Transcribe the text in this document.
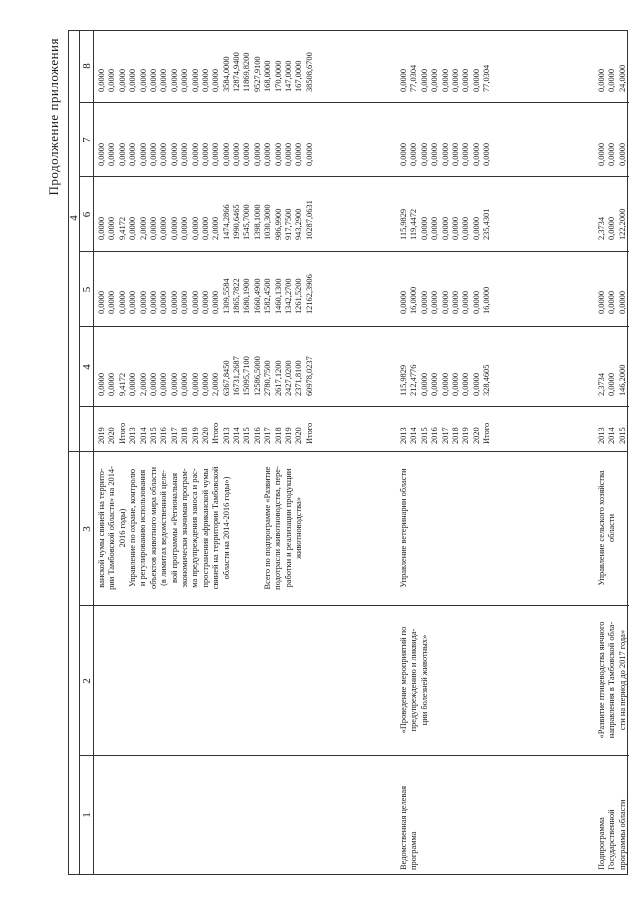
Продолжение приложения
4
1
2
3
4
5
6
7
8
ванской чумы свиней на террито-
рии Тамбовской области» на 2014-
2016 годы)
Управление по охране, контролю
и регулированию использования
объектов животного мира области
(в лимитах ведомственной целе-
вой программы «Региональная
экономически значимая програм-
ма предупреждения заноса и рас-
пространения африканской чумы
свиней на территории Тамбовской
области на 2014-2016 годы»)
Всего по подпрограмме «Развитие
подотрасли животноводства, пере-
работки и реализации продукции
животноводства»
2019 2020 Итого 2013 2014 2015 2016 2017 2018 2019 2020 Итого 2013 2014 2015 2016 2017 2018 2019 2020 Итого
0,0000 0,0000 9,4172 0,0000 2,0000 0,0000 0,0000 0,0000 0,0000 0,0000 0,0000 2,0000 6367,8450 16731,2687 15095,7100 12586,5000 2780,7500 2617,1200 2427,0200 2371,8100 60978,0237
0,0000 0,0000 0,0000 0,0000 0,0000 0,0000 0,0000 0,0000 0,0000 0,0000 0,0000 0,0000 1309,5584 1865,7822 1680,1900 1660,4900 1582,4500 1460,1300 1342,2700 1261,5200 12162,3906
0,0000 0,0000 9,4172 0,0000 2,0000 0,0000 0,0000 0,0000 0,0000 0,0000 0,0000 2,0000 1474,2866 1990,6465 1545,7000 1398,1000 1030,3000 986,9900 917,7500 943,2900 10287,0631
0,0000 0,0000 0,0000 0,0000 0,0000 0,0000 0,0000 0,0000 0,0000 0,0000 0,0000 0,0000 0,0000 0,0000 0,0000 0,0000 0,0000 0,0000 0,0000 0,0000 0,0000
0,0000 0,0000 0,0000 0,0000 0,0000 0,0000 0,0000 0,0000 0,0000 0,0000 0,0000 0,0000 3584,0000 12874,9400 11869,8200 9527,9100 168,0000 170,0000 147,0000 167,0000 38508,6700
Ведомственная целевая
программа
«Проведение мероприятий по
предупреждению и ликвида-
ции болезней животных»
Управление ветеринарии области
2013 2014 2015 2016 2017 2018 2019 2020 Итого
115,9829 212,4776 0,0000 0,0000 0,0000 0,0000 0,0000 0,0000 328,4605
0,0000 16,0000 0,0000 0,0000 0,0000 0,0000 0,0000 0,0000 16,0000
115,9829 119,4472 0,0000 0,0000 0,0000 0,0000 0,0000 0,0000 235,4301
0,0000 0,0000 0,0000 0,0000 0,0000 0,0000 0,0000 0,0000 0,0000
0,0000 77,0304 0,0000 0,0000 0,0000 0,0000 0,0000 0,0000 77,0304
Подпрограмма
Государственной
программы области
«Развитие птицеводства яичного
направления в Тамбовской обла-
сти на период до 2017 года»
Управление сельского хозяйства
области
2013 2014 2015
2,3734 0,0000 146,2000
0,0000 0,0000 0,0000
2,3734 0,0000 122,2000
0,0000 0,0000 0,0000
0,0000 0,0000 24,0000
